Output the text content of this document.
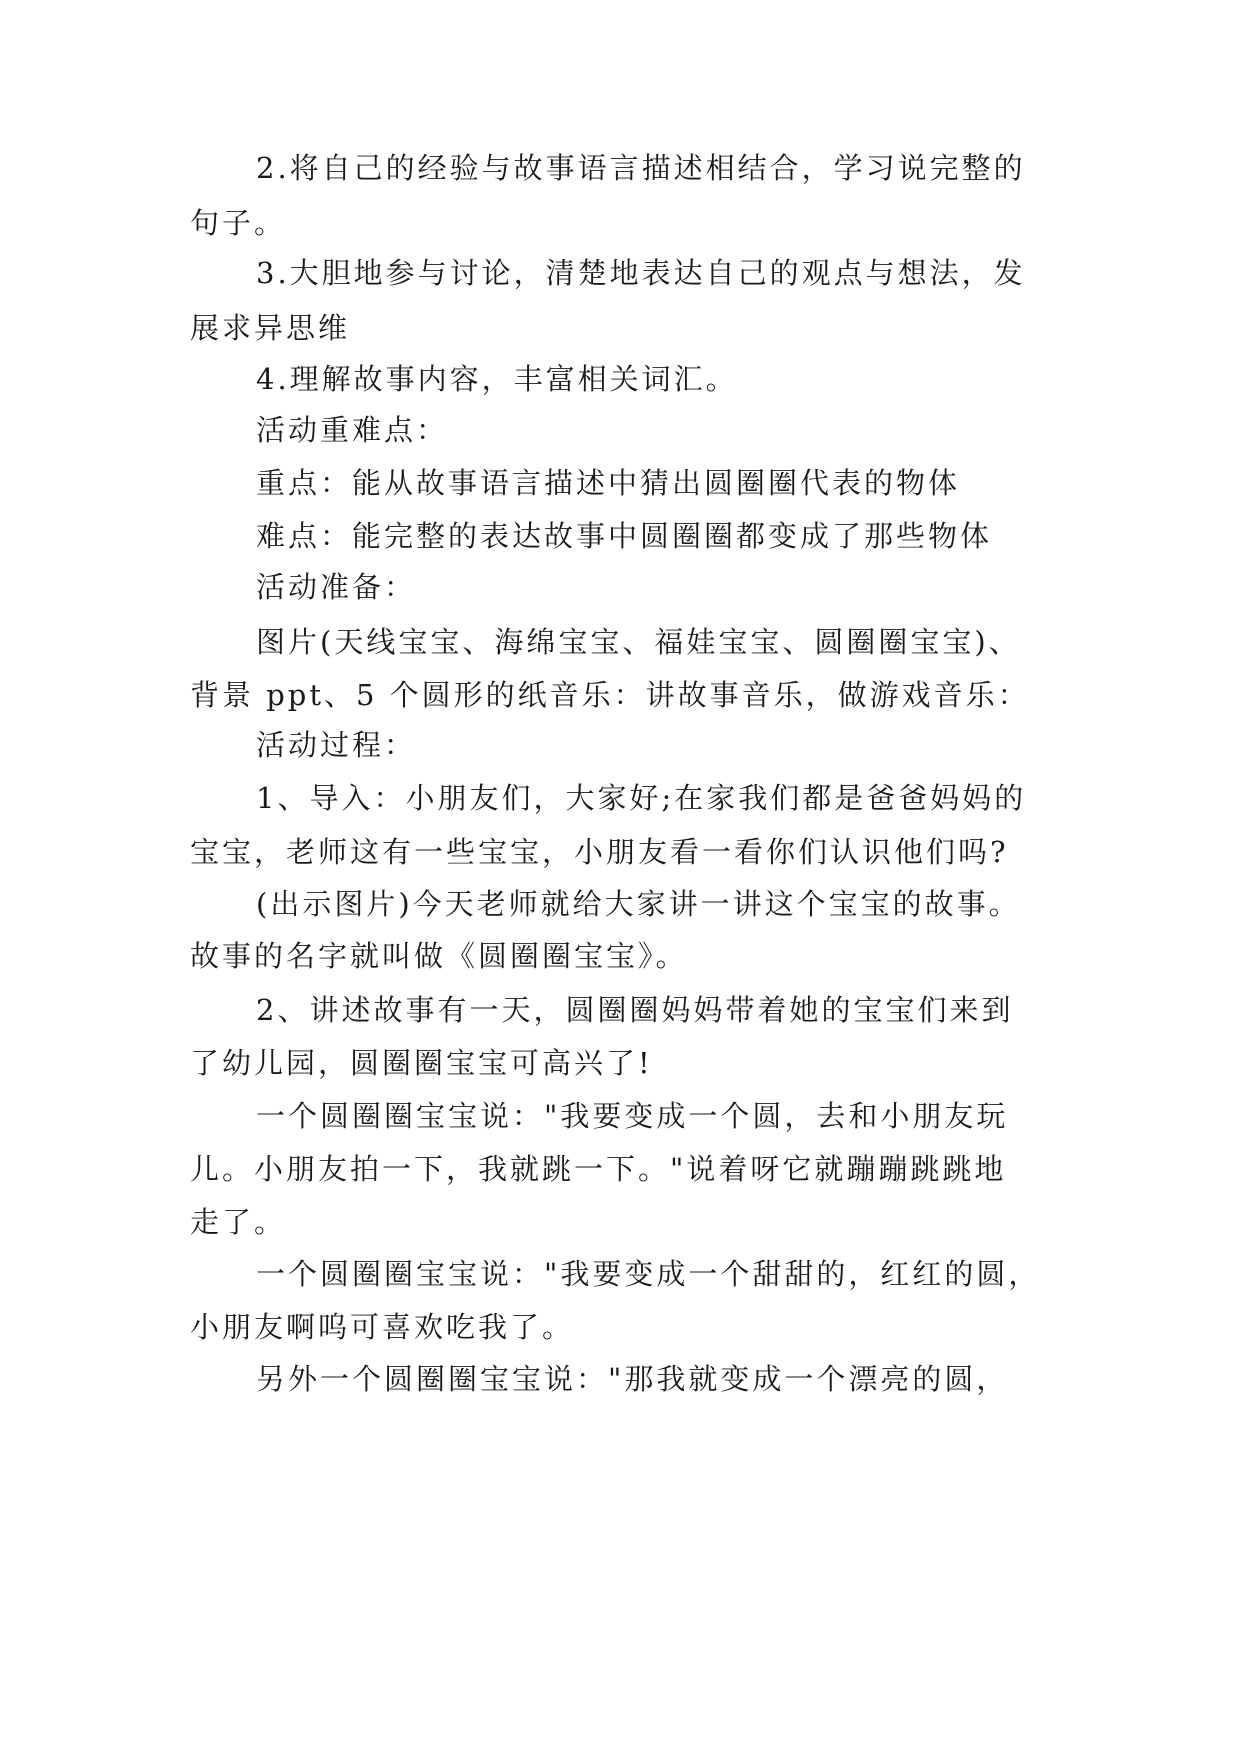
2.将自己的经验与故事语言描述相结合，学习说完整的
句子。
3.大胆地参与讨论，清楚地表达自己的观点与想法，发
展求异思维
4.理解故事内容，丰富相关词汇。
活动重难点：
重点：能从故事语言描述中猜出圆圈圈代表的物体
难点：能完整的表达故事中圆圈圈都变成了那些物体
活动准备：
图片(天线宝宝、海绵宝宝、福娃宝宝、圆圈圈宝宝)、
背景 ppt、5 个圆形的纸音乐：讲故事音乐，做游戏音乐：
活动过程：
1、导入：小朋友们，大家好;在家我们都是爸爸妈妈的
宝宝，老师这有一些宝宝，小朋友看一看你们认识他们吗?
(出示图片)今天老师就给大家讲一讲这个宝宝的故事。
故事的名字就叫做《圆圈圈宝宝》。
2、讲述故事有一天，圆圈圈妈妈带着她的宝宝们来到
了幼儿园，圆圈圈宝宝可高兴了!
一个圆圈圈宝宝说："我要变成一个圆，去和小朋友玩
儿。小朋友拍一下，我就跳一下。"说着呀它就蹦蹦跳跳地
走了。
一个圆圈圈宝宝说："我要变成一个甜甜的，红红的圆，
小朋友啊呜可喜欢吃我了。
另外一个圆圈圈宝宝说："那我就变成一个漂亮的圆，
